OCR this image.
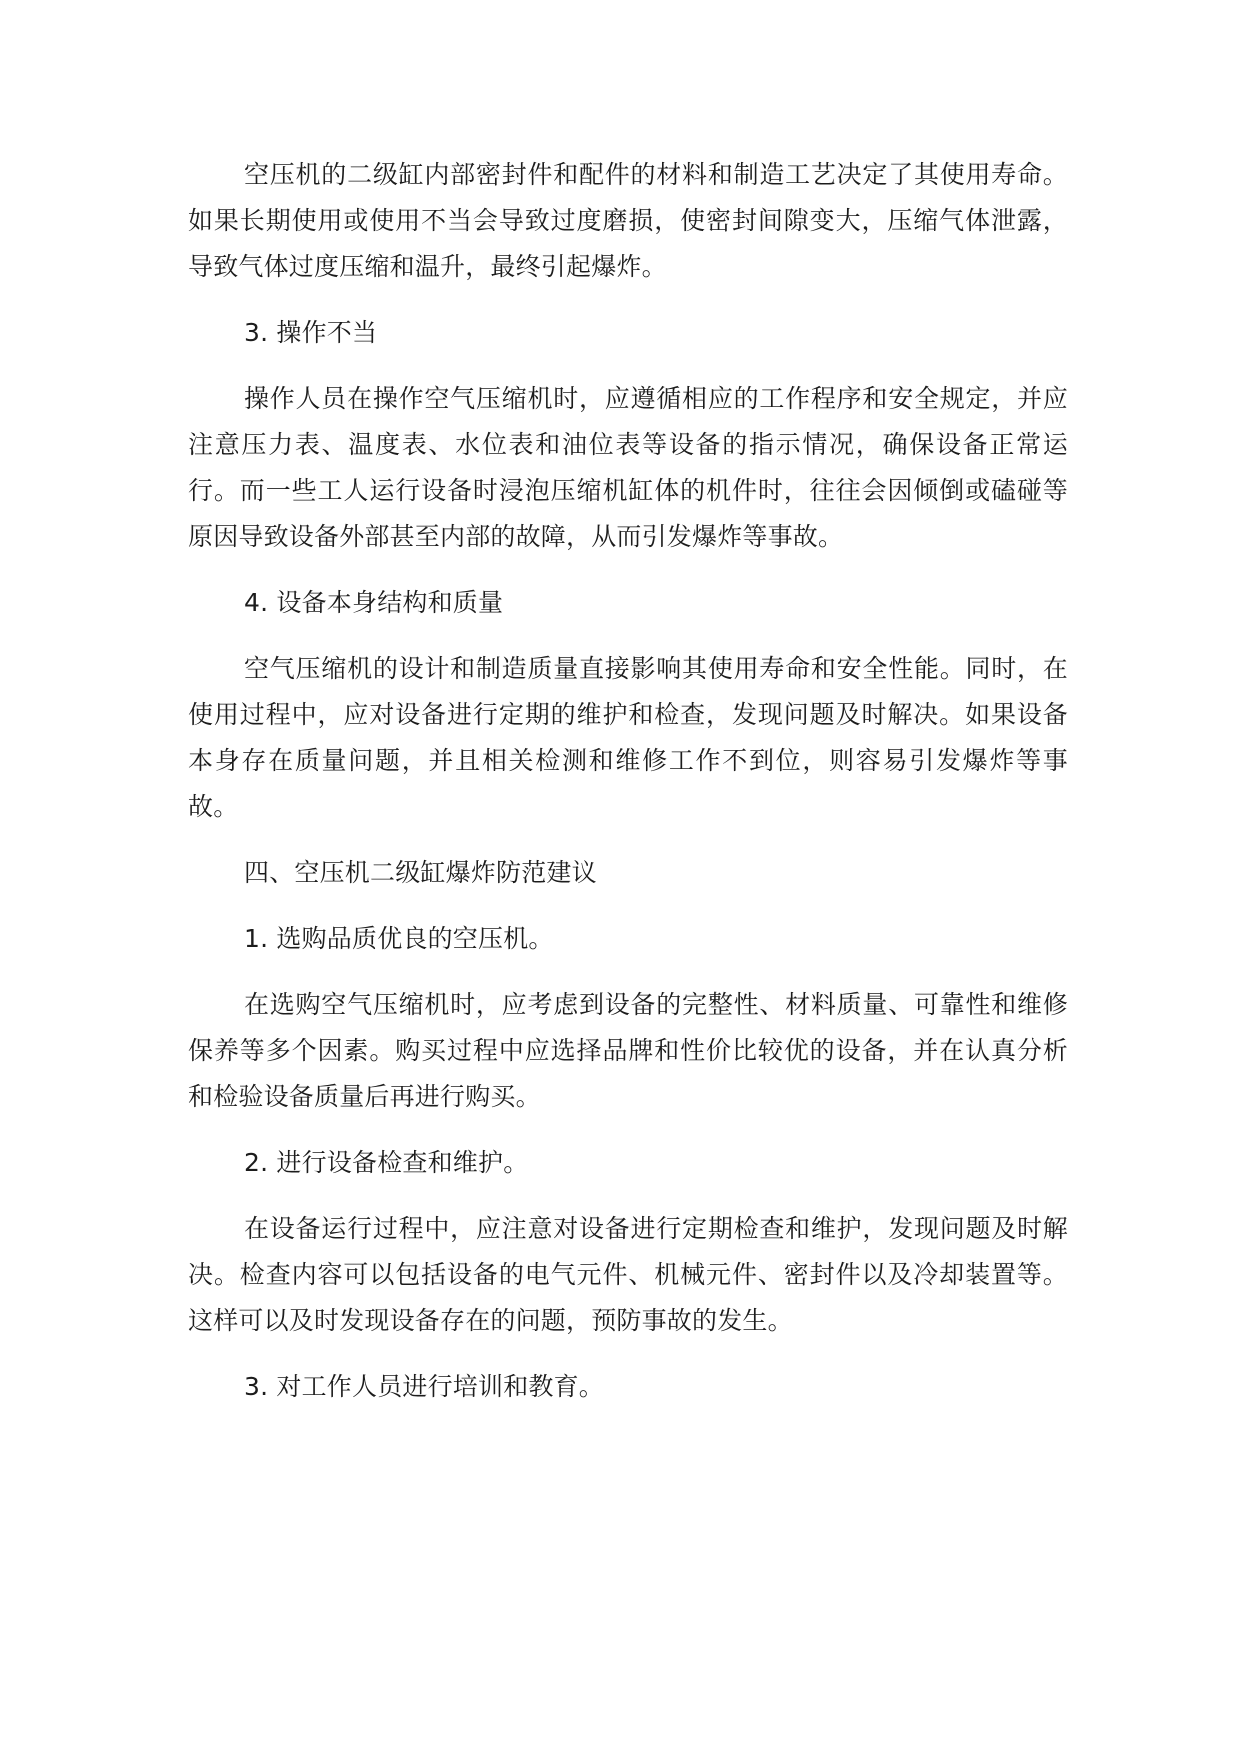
空压机的二级缸内部密封件和配件的材料和制造工艺决定了其使用寿命。如果长期使用或使用不当会导致过度磨损，使密封间隙变大，压缩气体泄露，导致气体过度压缩和温升，最终引起爆炸。

3. 操作不当

操作人员在操作空气压缩机时，应遵循相应的工作程序和安全规定，并应注意压力表、温度表、水位表和油位表等设备的指示情况，确保设备正常运行。而一些工人运行设备时浸泡压缩机缸体的机件时，往往会因倾倒或磕碰等原因导致设备外部甚至内部的故障，从而引发爆炸等事故。

4. 设备本身结构和质量

空气压缩机的设计和制造质量直接影响其使用寿命和安全性能。同时，在使用过程中，应对设备进行定期的维护和检查，发现问题及时解决。如果设备本身存在质量问题，并且相关检测和维修工作不到位，则容易引发爆炸等事故。

四、空压机二级缸爆炸防范建议

1. 选购品质优良的空压机。

在选购空气压缩机时，应考虑到设备的完整性、材料质量、可靠性和维修保养等多个因素。购买过程中应选择品牌和性价比较优的设备，并在认真分析和检验设备质量后再进行购买。

2. 进行设备检查和维护。

在设备运行过程中，应注意对设备进行定期检查和维护，发现问题及时解决。检查内容可以包括设备的电气元件、机械元件、密封件以及冷却装置等。这样可以及时发现设备存在的问题，预防事故的发生。

3. 对工作人员进行培训和教育。
